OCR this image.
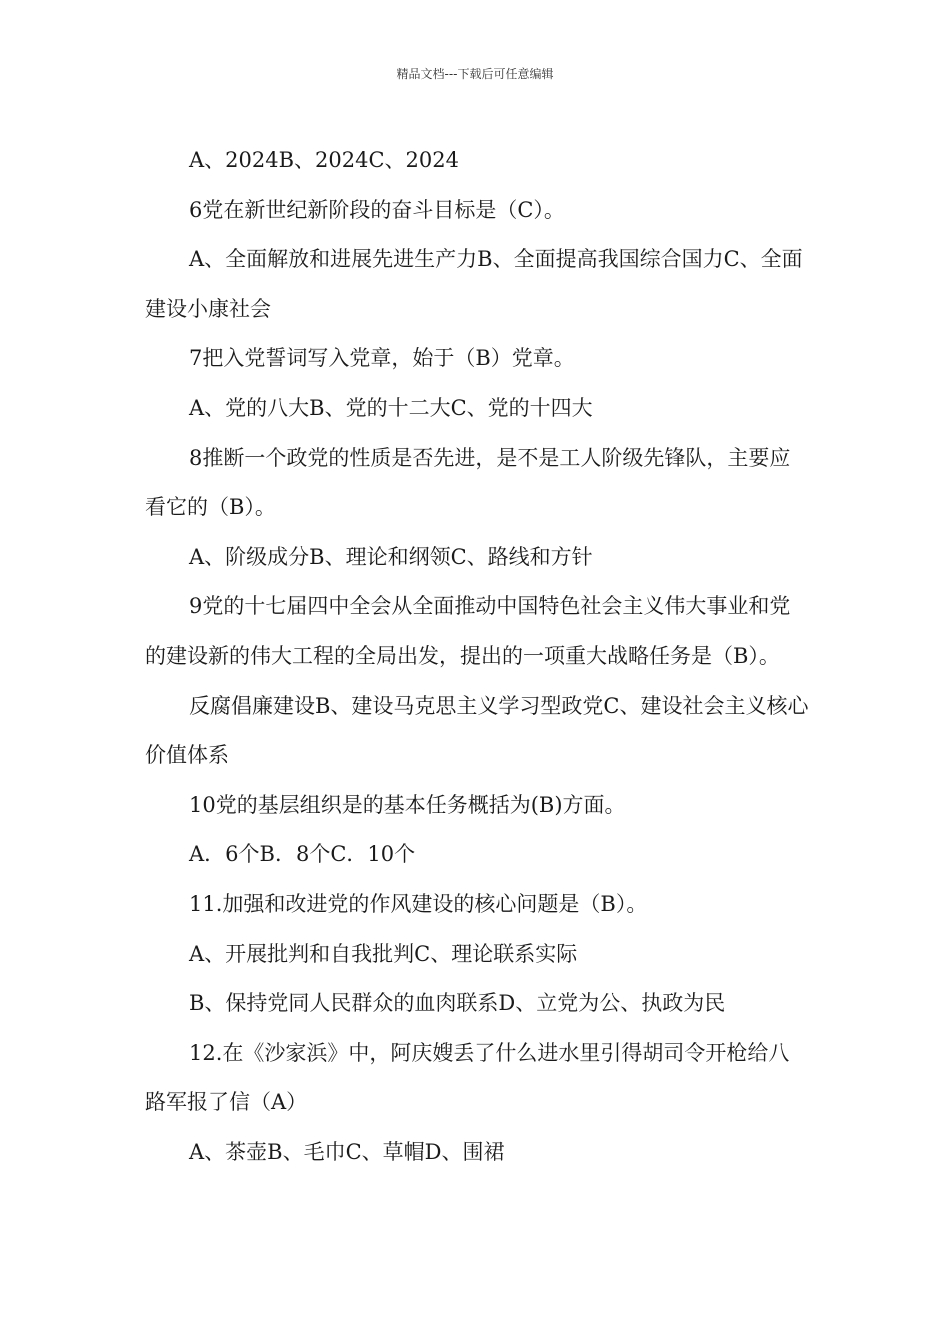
精品文档---下载后可任意编辑

A、2024B、2024C、2024

6党在新世纪新阶段的奋斗目标是（C）。

A、全面解放和进展先进生产力B、全面提高我国综合国力C、全面建设小康社会

7把入党誓词写入党章，始于（B）党章。

A、党的八大B、党的十二大C、党的十四大

8推断一个政党的性质是否先进，是不是工人阶级先锋队，主要应看它的（B）。

A、阶级成分B、理论和纲领C、路线和方针

9党的十七届四中全会从全面推动中国特色社会主义伟大事业和党的建设新的伟大工程的全局出发，提出的一项重大战略任务是（B）。

反腐倡廉建设B、建设马克思主义学习型政党C、建设社会主义核心价值体系

10党的基层组织是的基本任务概括为(B)方面。

A．6个B．8个C．10个

11.加强和改进党的作风建设的核心问题是（B）。

A、开展批判和自我批判C、理论联系实际

B、保持党同人民群众的血肉联系D、立党为公、执政为民

12.在《沙家浜》中，阿庆嫂丢了什么进水里引得胡司令开枪给八路军报了信（A）

A、茶壶B、毛巾C、草帽D、围裙
